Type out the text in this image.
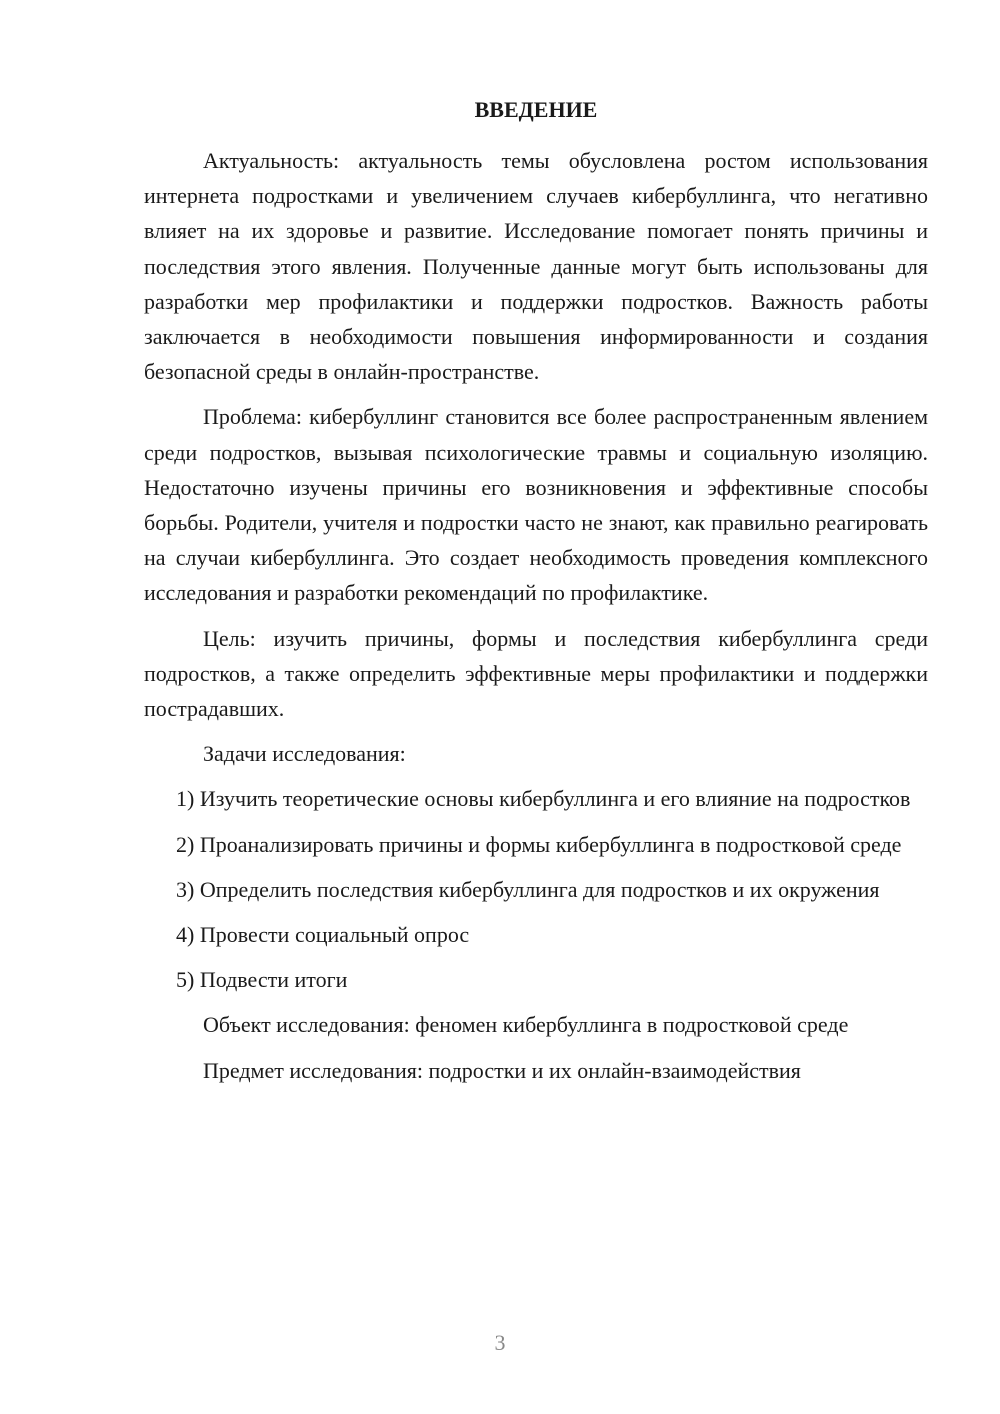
ВВЕДЕНИЕ

Актуальность: актуальность темы обусловлена ростом использования интернета подростками и увеличением случаев кибербуллинга, что негативно влияет на их здоровье и развитие. Исследование помогает понять причины и последствия этого явления. Полученные данные могут быть использованы для разработки мер профилактики и поддержки подростков. Важность работы заключается в необходимости повышения информированности и создания безопасной среды в онлайн-пространстве.

Проблема: кибербуллинг становится все более распространенным явлением среди подростков, вызывая психологические травмы и социальную изоляцию. Недостаточно изучены причины его возникновения и эффективные способы борьбы. Родители, учителя и подростки часто не знают, как правильно реагировать на случаи кибербуллинга. Это создает необходимость проведения комплексного исследования и разработки рекомендаций по профилактике.

Цель: изучить причины, формы и последствия кибербуллинга среди подростков, а также определить эффективные меры профилактики и поддержки пострадавших.

Задачи исследования:

1) Изучить теоретические основы кибербуллинга и его влияние на подростков

2) Проанализировать причины и формы кибербуллинга в подростковой среде

3) Определить последствия кибербуллинга для подростков и их окружения

4) Провести социальный опрос

5) Подвести итоги

Объект исследования: феномен кибербуллинга в подростковой среде

Предмет исследования: подростки и их онлайн-взаимодействия

3
